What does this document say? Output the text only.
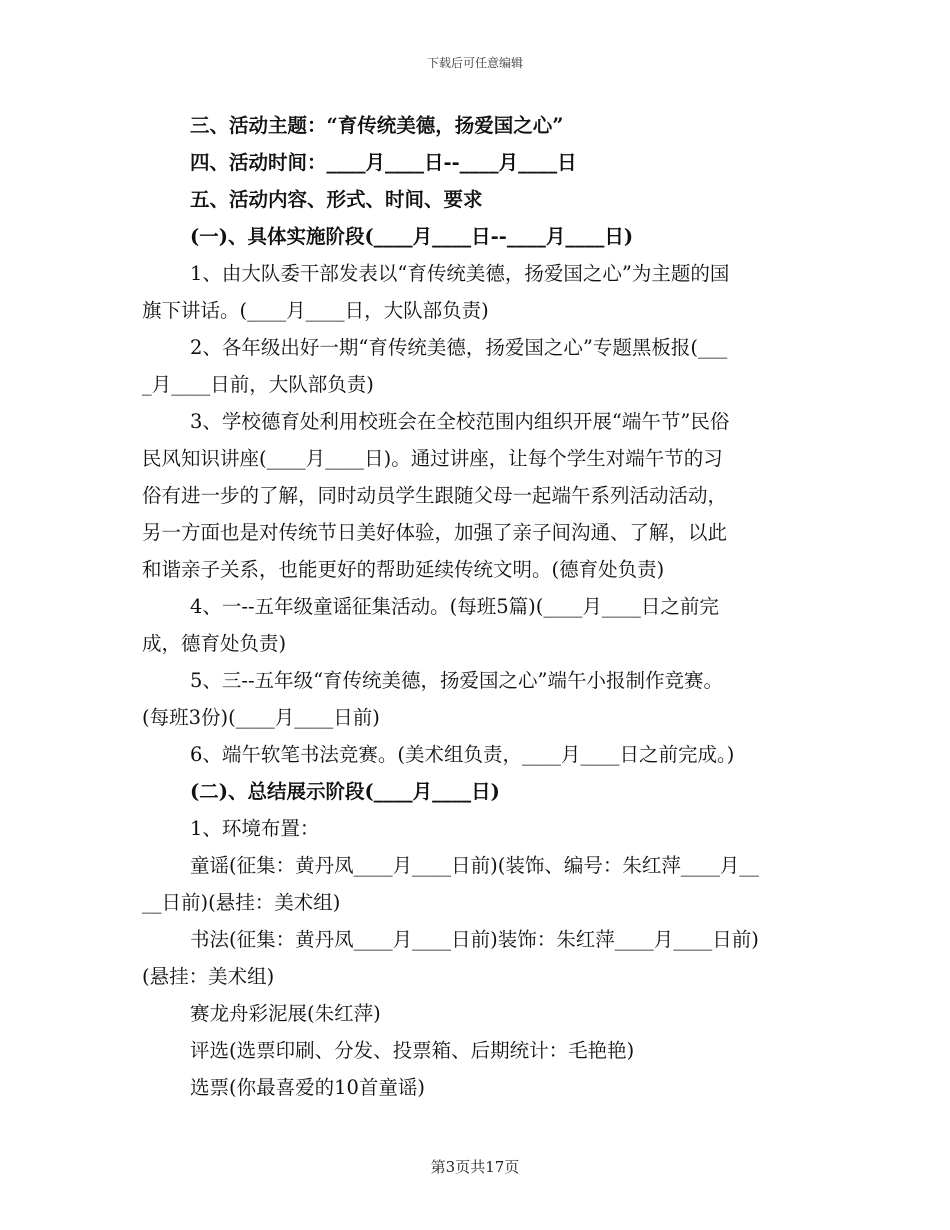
下载后可任意编辑
三、活动主题：“育传统美德，扬爱国之心”
四、活动时间：____月____日--____月____日
五、活动内容、形式、时间、要求
(一)、具体实施阶段(____月____日--____月____日)
1、由大队委干部发表以“育传统美德，扬爱国之心”为主题的国
旗下讲话。(____月____日，大队部负责)
2、各年级出好一期“育传统美德，扬爱国之心”专题黑板报(___
_月____日前，大队部负责)
3、学校德育处利用校班会在全校范围内组织开展“端午节”民俗
民风知识讲座(____月____日)。通过讲座，让每个学生对端午节的习
俗有进一步的了解，同时动员学生跟随父母一起端午系列活动活动，
另一方面也是对传统节日美好体验，加强了亲子间沟通、了解，以此
和谐亲子关系，也能更好的帮助延续传统文明。(德育处负责)
4、一--五年级童谣征集活动。(每班5篇)(____月____日之前完
成，德育处负责)
5、三--五年级“育传统美德，扬爱国之心”端午小报制作竞赛。
(每班3份)(____月____日前)
6、端午软笔书法竞赛。(美术组负责，____月____日之前完成。)
(二)、总结展示阶段(____月____日)
1、环境布置：
童谣(征集：黄丹凤____月____日前)(装饰、编号：朱红萍____月__
__日前)(悬挂：美术组)
书法(征集：黄丹凤____月____日前)装饰：朱红萍____月____日前)
(悬挂：美术组)
赛龙舟彩泥展(朱红萍)
评选(选票印刷、分发、投票箱、后期统计：毛艳艳)
选票(你最喜爱的10首童谣)
第3页共17页
